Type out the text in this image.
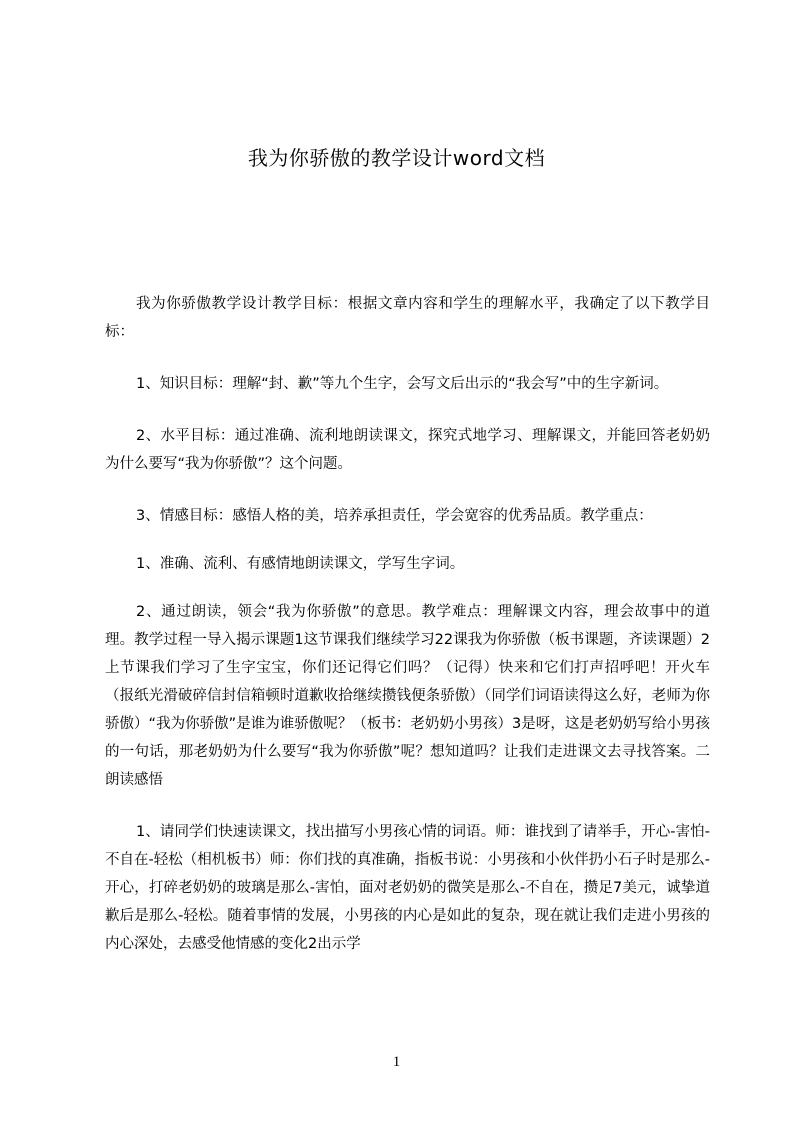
我为你骄傲的教学设计word文档

我为你骄傲教学设计教学目标：根据文章内容和学生的理解水平，我确定了以下教学目标：

1、知识目标：理解“封、歉”等九个生字，会写文后出示的“我会写”中的生字新词。

2、水平目标：通过准确、流利地朗读课文，探究式地学习、理解课文，并能回答老奶奶为什么要写“我为你骄傲”？这个问题。

3、情感目标：感悟人格的美，培养承担责任，学会宽容的优秀品质。教学重点：

1、准确、流利、有感情地朗读课文，学写生字词。

2、通过朗读，领会“我为你骄傲”的意思。教学难点：理解课文内容，理会故事中的道理。教学过程一导入揭示课题1这节课我们继续学习22课我为你骄傲（板书课题，齐读课题）2上节课我们学习了生字宝宝，你们还记得它们吗？（记得）快来和它们打声招呼吧！开火车（报纸光滑破碎信封信箱顿时道歉收拾继续攒钱便条骄傲）（同学们词语读得这么好，老师为你骄傲）“我为你骄傲”是谁为谁骄傲呢？（板书：老奶奶小男孩）3是呀，这是老奶奶写给小男孩的一句话，那老奶奶为什么要写“我为你骄傲”呢？想知道吗？让我们走进课文去寻找答案。二朗读感悟

1、请同学们快速读课文，找出描写小男孩心情的词语。师：谁找到了请举手，开心-害怕-不自在-轻松（相机板书）师：你们找的真准确，指板书说：小男孩和小伙伴扔小石子时是那么-开心，打碎老奶奶的玻璃是那么-害怕，面对老奶奶的微笑是那么-不自在，攒足7美元，诚挚道歉后是那么-轻松。随着事情的发展，小男孩的内心是如此的复杂，现在就让我们走进小男孩的内心深处，去感受他情感的变化2出示学

1
